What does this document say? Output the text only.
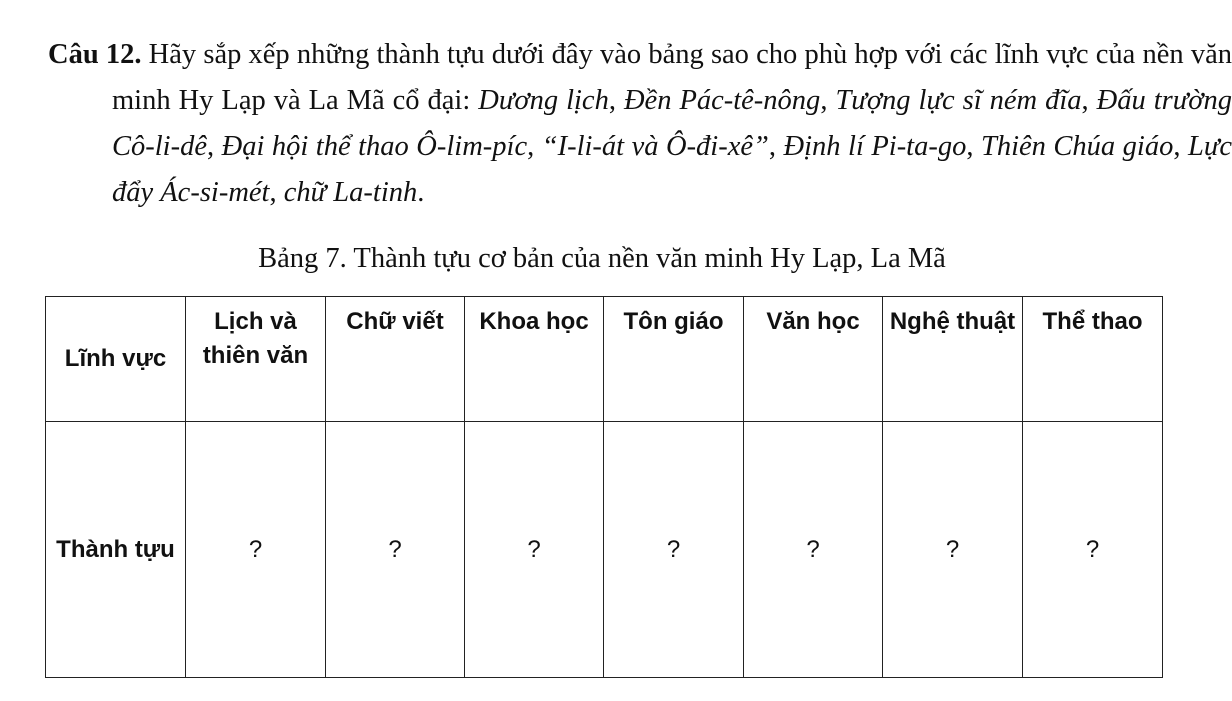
Câu 12. Hãy sắp xếp những thành tựu dưới đây vào bảng sao cho phù hợp với các lĩnh vực của nền văn minh Hy Lạp và La Mã cổ đại: Dương lịch, Đền Pác-tê-nông, Tượng lực sĩ ném đĩa, Đấu trường Cô-li-dê, Đại hội thể thao Ô-lim-píc, “I-li-át và Ô-đi-xê”, Định lí Pi-ta-go, Thiên Chúa giáo, Lực đẩy Ác-si-mét, chữ La-tinh.

Bảng 7. Thành tựu cơ bản của nền văn minh Hy Lạp, La Mã

Lĩnh vực	Lịch và thiên văn	Chữ viết	Khoa học	Tôn giáo	Văn học	Nghệ thuật	Thể thao
Thành tựu	?	?	?	?	?	?	?
